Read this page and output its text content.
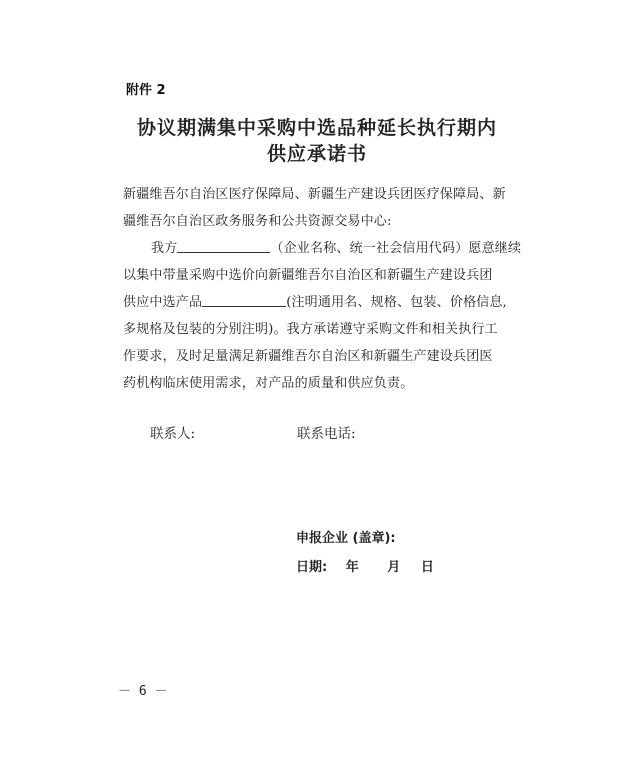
附件 2
协议期满集中采购中选品种延长执行期内
供应承诺书
新疆维吾尔自治区医疗保障局、新疆生产建设兵团医疗保障局、新
疆维吾尔自治区政务服务和公共资源交易中心:
我方	（企业名称、统一社会信用代码）愿意继续
以集中带量采购中选价向新疆维吾尔自治区和新疆生产建设兵团
供应中选产品	(注明通用名、规格、包装、价格信息,
多规格及包装的分别注明)。我方承诺遵守采购文件和相关执行工
作要求，及时足量满足新疆维吾尔自治区和新疆生产建设兵团医
药机构临床使用需求，对产品的质量和供应负责。
联系人:	联系电话:
申报企业 (盖章):
日期: 年 月 日
－ 6 －
